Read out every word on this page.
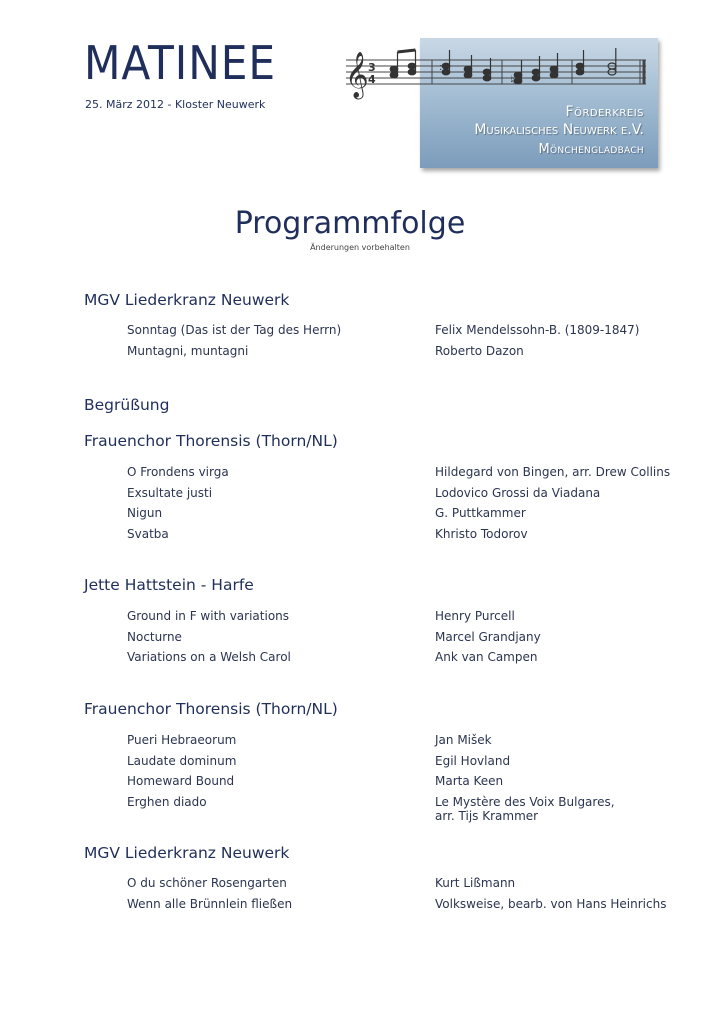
MATINEE
25. März 2012 - Kloster Neuwerk
𝄞 3
4
:
♮
Förderkreis
Musikalisches Neuwerk e.V.
Mönchengladbach
Programmfolge
Änderungen vorbehalten
MGV Liederkranz Neuwerk
Sonntag (Das ist der Tag des Herrn)	Felix Mendelssohn-B. (1809-1847)
Muntagni, muntagni	Roberto Dazon
Begrüßung
Frauenchor Thorensis (Thorn/NL)
O Frondens virga	Hildegard von Bingen, arr. Drew Collins
Exsultate justi	Lodovico Grossi da Viadana
Nigun	G. Puttkammer
Svatba	Khristo Todorov
Jette Hattstein - Harfe
Ground in F with variations	Henry Purcell
Nocturne	Marcel Grandjany
Variations on a Welsh Carol	Ank van Campen
Frauenchor Thorensis (Thorn/NL)
Pueri Hebraeorum	Jan Mišek
Laudate dominum	Egil Hovland
Homeward Bound	Marta Keen
Erghen diado	Le Mystère des Voix Bulgares,
arr. Tijs Krammer
MGV Liederkranz Neuwerk
O du schöner Rosengarten	Kurt Lißmann
Wenn alle Brünnlein fließen	Volksweise, bearb. von Hans Heinrichs
